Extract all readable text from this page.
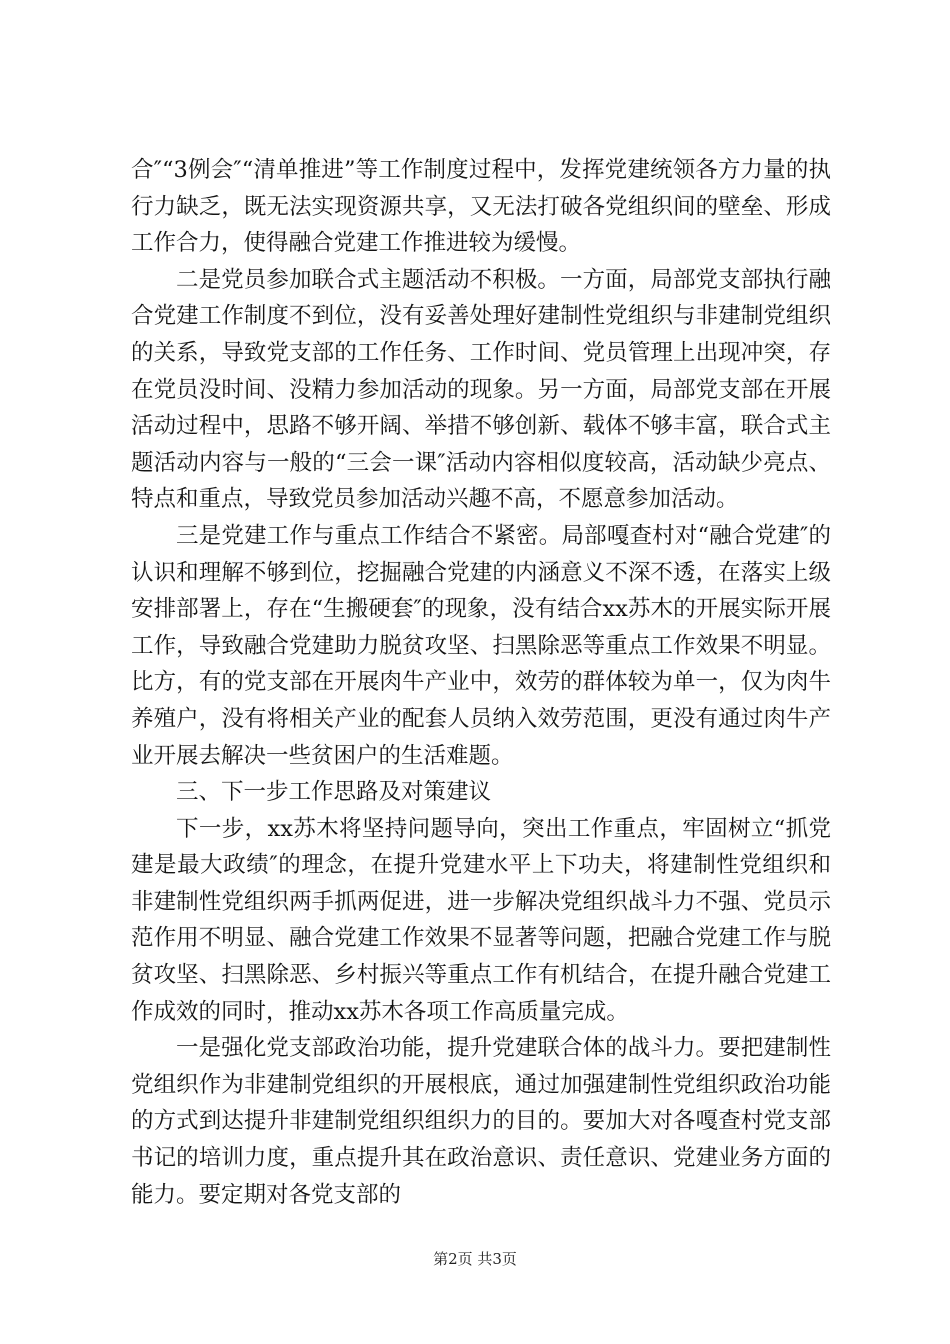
合″“3例会″“清单推进”等工作制度过程中，发挥党建统领各方力量的执行力缺乏，既无法实现资源共享，又无法打破各党组织间的壁垒、形成工作合力，使得融合党建工作推进较为缓慢。

二是党员参加联合式主题活动不积极。一方面，局部党支部执行融合党建工作制度不到位，没有妥善处理好建制性党组织与非建制党组织的关系，导致党支部的工作任务、工作时间、党员管理上出现冲突，存在党员没时间、没精力参加活动的现象。另一方面，局部党支部在开展活动过程中，思路不够开阔、举措不够创新、载体不够丰富，联合式主题活动内容与一般的“三会一课″活动内容相似度较高，活动缺少亮点、特点和重点，导致党员参加活动兴趣不高，不愿意参加活动。

三是党建工作与重点工作结合不紧密。局部嘎查村对“融合党建″的认识和理解不够到位，挖掘融合党建的内涵意义不深不透，在落实上级安排部署上，存在“生搬硬套″的现象，没有结合xx苏木的开展实际开展工作，导致融合党建助力脱贫攻坚、扫黑除恶等重点工作效果不明显。比方，有的党支部在开展肉牛产业中，效劳的群体较为单一，仅为肉牛养殖户，没有将相关产业的配套人员纳入效劳范围，更没有通过肉牛产业开展去解决一些贫困户的生活难题。

三、下一步工作思路及对策建议

下一步，xx苏木将坚持问题导向，突出工作重点，牢固树立“抓党建是最大政绩″的理念，在提升党建水平上下功夫，将建制性党组织和非建制性党组织两手抓两促进，进一步解决党组织战斗力不强、党员示范作用不明显、融合党建工作效果不显著等问题，把融合党建工作与脱贫攻坚、扫黑除恶、乡村振兴等重点工作有机结合，在提升融合党建工作成效的同时，推动xx苏木各项工作高质量完成。

一是强化党支部政治功能，提升党建联合体的战斗力。要把建制性党组织作为非建制党组织的开展根底，通过加强建制性党组织政治功能的方式到达提升非建制党组织组织力的目的。要加大对各嘎查村党支部书记的培训力度，重点提升其在政治意识、责任意识、党建业务方面的能力。要定期对各党支部的

第2页 共3页
